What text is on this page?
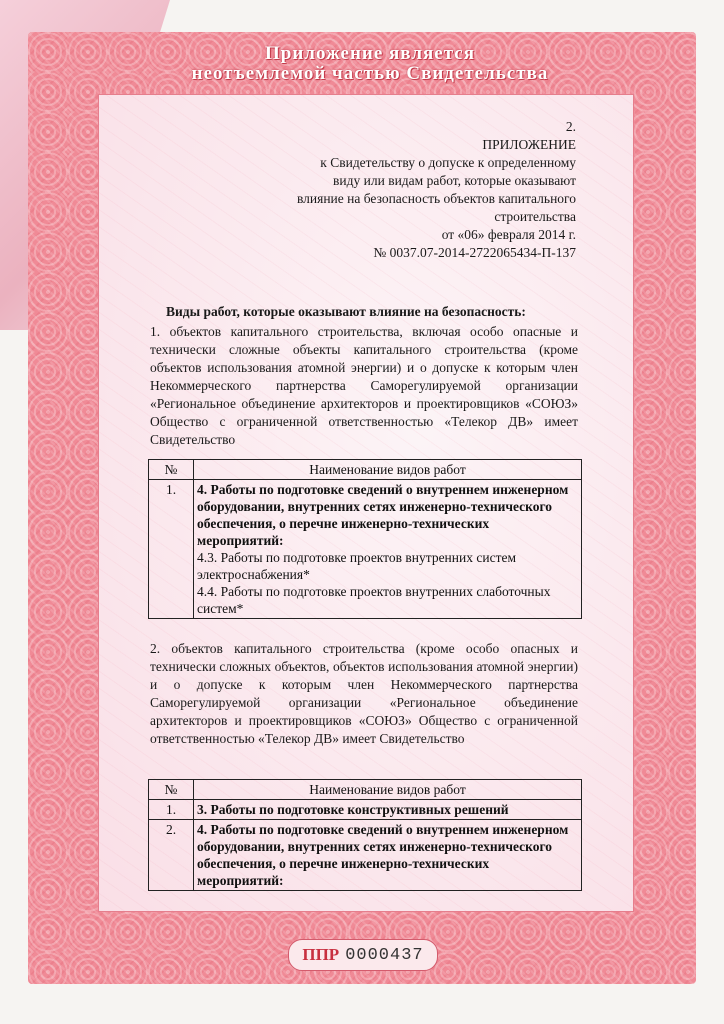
Приложение является
неотъемлемой частью Свидетельства
2.
ПРИЛОЖЕНИЕ
к Свидетельству о допуске к определенному
виду или видам работ, которые оказывают
влияние на безопасность объектов капитального
строительства
от «06» февраля 2014 г.
№ 0037.07-2014-2722065434-П-137
Виды работ, которые оказывают влияние на безопасность:
1. объектов капитального строительства, включая особо опасные и технически сложные объекты капитального строительства (кроме объектов использования атомной энергии) и о допуске к которым член Некоммерческого партнерства Саморегулируемой организации «Региональное объединение архитекторов и проектировщиков «СОЮЗ» Общество с ограниченной ответственностью «Телекор ДВ» имеет Свидетельство
№	Наименование видов работ
1.	4. Работы по подготовке сведений о внутреннем инженерном оборудовании, внутренних сетях инженерно-технического обеспечения, о перечне инженерно-технических мероприятий:
4.3. Работы по подготовке проектов внутренних систем электроснабжения*
4.4. Работы по подготовке проектов внутренних слаботочных систем*
2. объектов капитального строительства (кроме особо опасных и технически сложных объектов, объектов использования атомной энергии) и о допуске к которым член Некоммерческого партнерства Саморегулируемой организации «Региональное объединение архитекторов и проектировщиков «СОЮЗ» Общество с ограниченной ответственностью «Телекор ДВ» имеет Свидетельство
№	Наименование видов работ
1.	3. Работы по подготовке конструктивных решений
2.	4. Работы по подготовке сведений о внутреннем инженерном оборудовании, внутренних сетях инженерно-технического обеспечения, о перечне инженерно-технических мероприятий:
ППР 0000437
